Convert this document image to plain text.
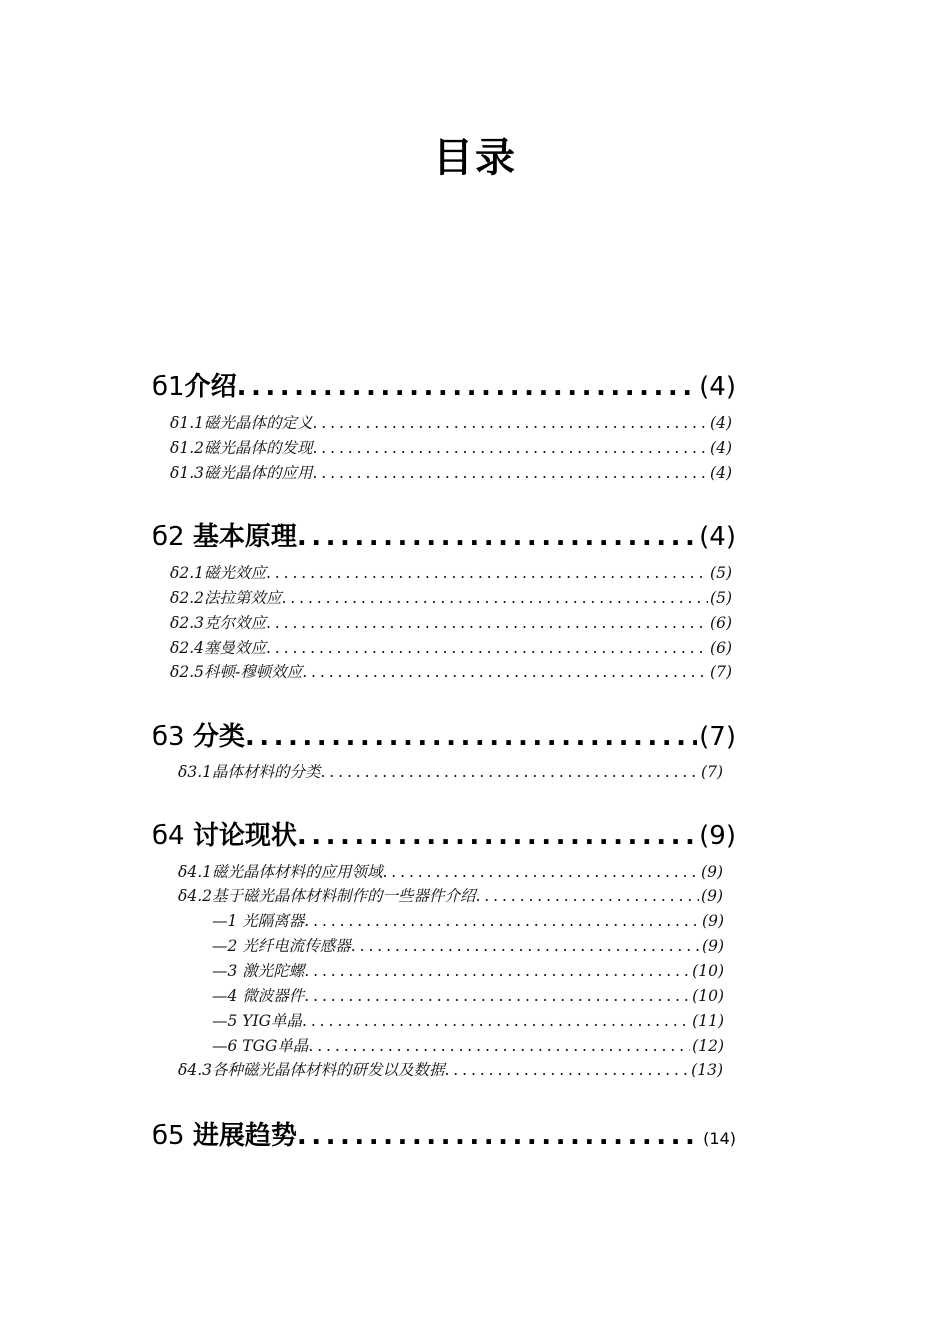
目录
б1介绍 .....	(4)
δ1.1磁光晶体的定义 .....	(4)
δ1.2磁光晶体的发现 .....	(4)
δ1.3磁光晶体的应用 .....	(4)
б2 基本原理 .....	(4)
δ2.1磁光效应 .....	(5)
δ2.2法拉第效应 .....	(5)
δ2.3克尔效应 .....	(6)
δ2.4塞曼效应 .....	(6)
δ2.5科顿-穆顿效应 .....	(7)
б3 分类 .....	(7)
δ3.1晶体材料的分类 .....	(7)
б4 讨论现状 .....	(9)
δ4.1磁光晶体材料的应用领域 .....	(9)
δ4.2基于磁光晶体材料制作的一些器件介绍 .....	(9)
—1 光隔离器 .....	(9)
—2 光纤电流传感器 .....	(9)
—3 激光陀螺 .....	(10)
—4 微波器件 .....	(10)
—5 YIG单晶 .....	(11)
—6 TGG单晶 .....	(12)
δ4.3各种磁光晶体材料的研发以及数据 .....	(13)
б5 进展趋势 .....	(14)
